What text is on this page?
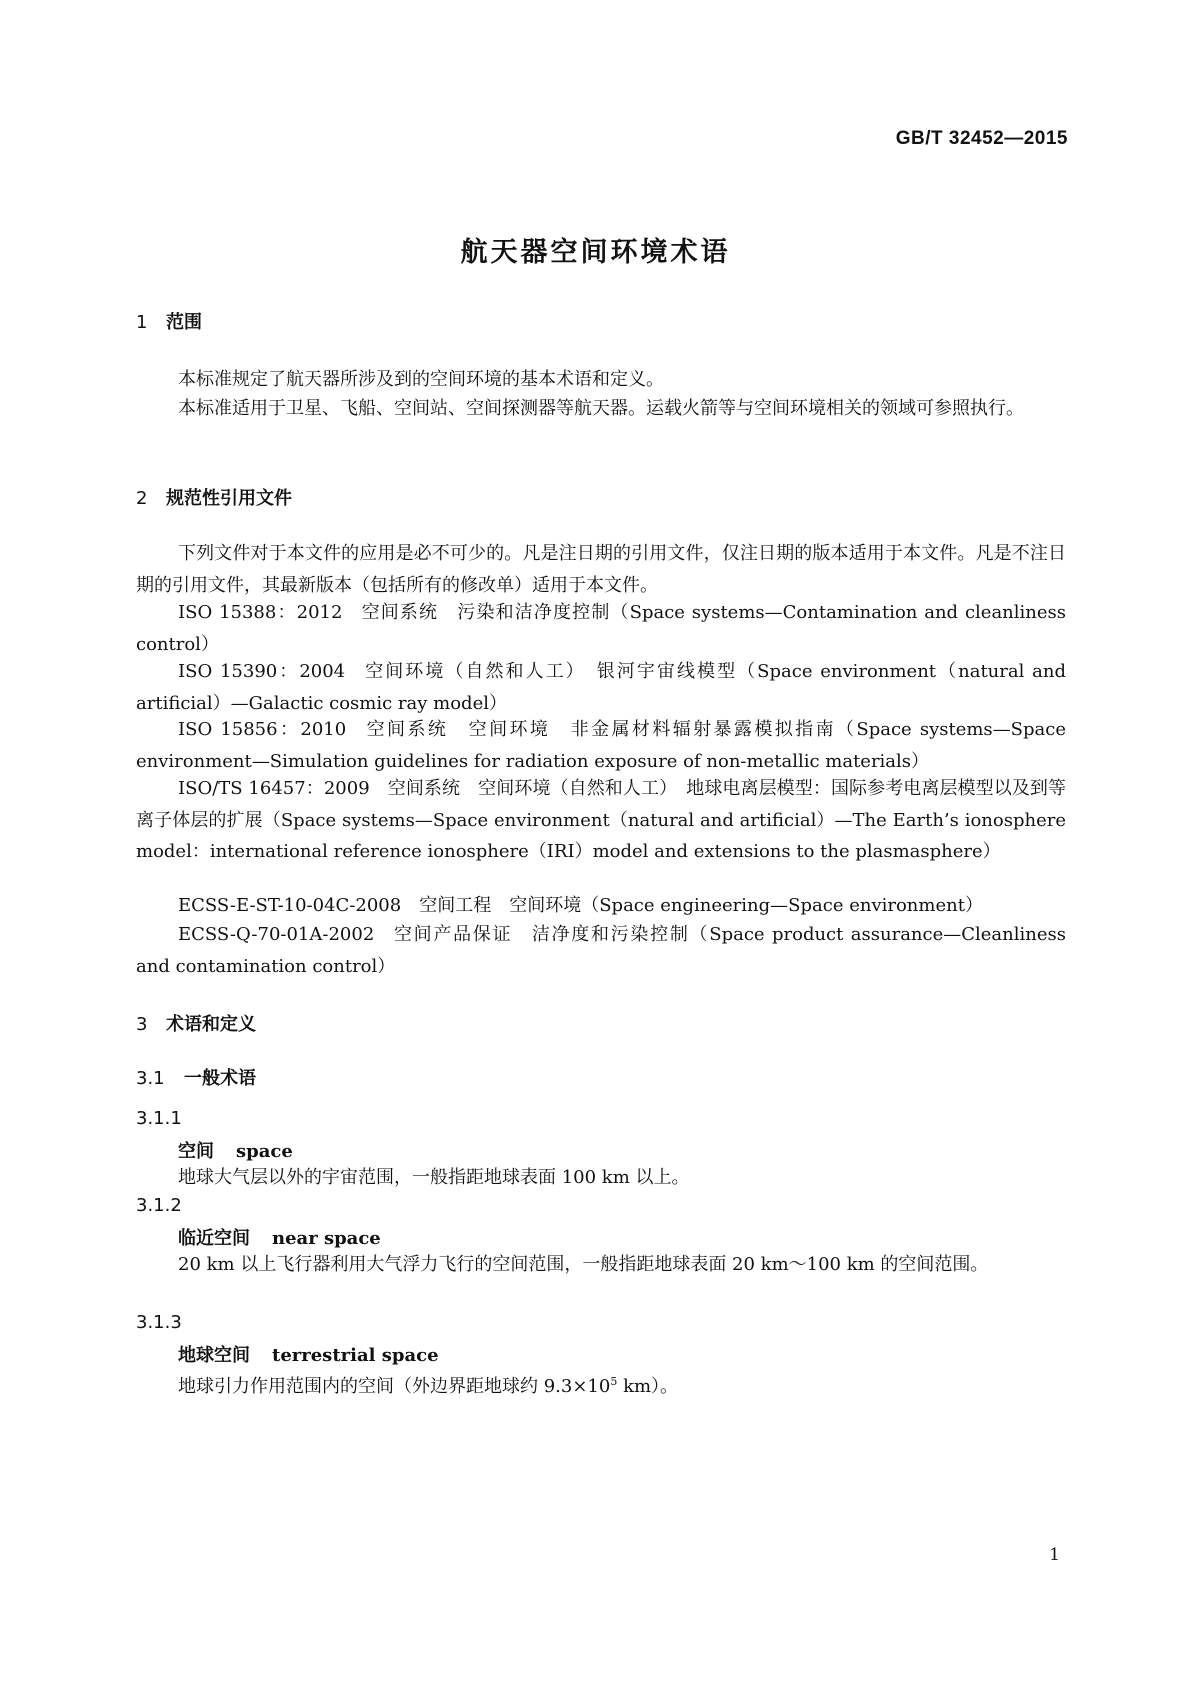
GB/T 32452—2015
航天器空间环境术语
1 范围
本标准规定了航天器所涉及到的空间环境的基本术语和定义。
本标准适用于卫星、飞船、空间站、空间探测器等航天器。运载火箭等与空间环境相关的领域可参照执行。
2 规范性引用文件
下列文件对于本文件的应用是必不可少的。凡是注日期的引用文件，仅注日期的版本适用于本文件。凡是不注日期的引用文件，其最新版本（包括所有的修改单）适用于本文件。
ISO 15388：2012 空间系统　污染和洁净度控制（Space systems—Contamination and cleanliness control）
ISO 15390：2004 空间环境（自然和人工）　银河宇宙线模型（Space environment（natural and artificial）—Galactic cosmic ray model）
ISO 15856：2010 空间系统　空间环境　非金属材料辐射暴露模拟指南（Space systems—Space environment—Simulation guidelines for radiation exposure of non-metallic materials）
ISO/TS 16457：2009 空间系统　空间环境（自然和人工）　地球电离层模型：国际参考电离层模型以及到等离子体层的扩展（Space systems—Space environment（natural and artificial）—The Earth’s ionosphere model：international reference ionosphere（IRI）model and extensions to the plasmasphere）
ECSS-E-ST-10-04C-2008 空间工程　空间环境（Space engineering—Space environment）
ECSS-Q-70-01A-2002 空间产品保证　洁净度和污染控制（Space product assurance—Cleanliness and contamination control）
3 术语和定义
3.1 一般术语
3.1.1
空间 space
地球大气层以外的宇宙范围，一般指距地球表面 100 km 以上。
3.1.2
临近空间 near space
20 km 以上飞行器利用大气浮力飞行的空间范围，一般指距地球表面 20 km～100 km 的空间范围。
3.1.3
地球空间 terrestrial space
地球引力作用范围内的空间（外边界距地球约 $9.3\times 10^5$ km）。
1
